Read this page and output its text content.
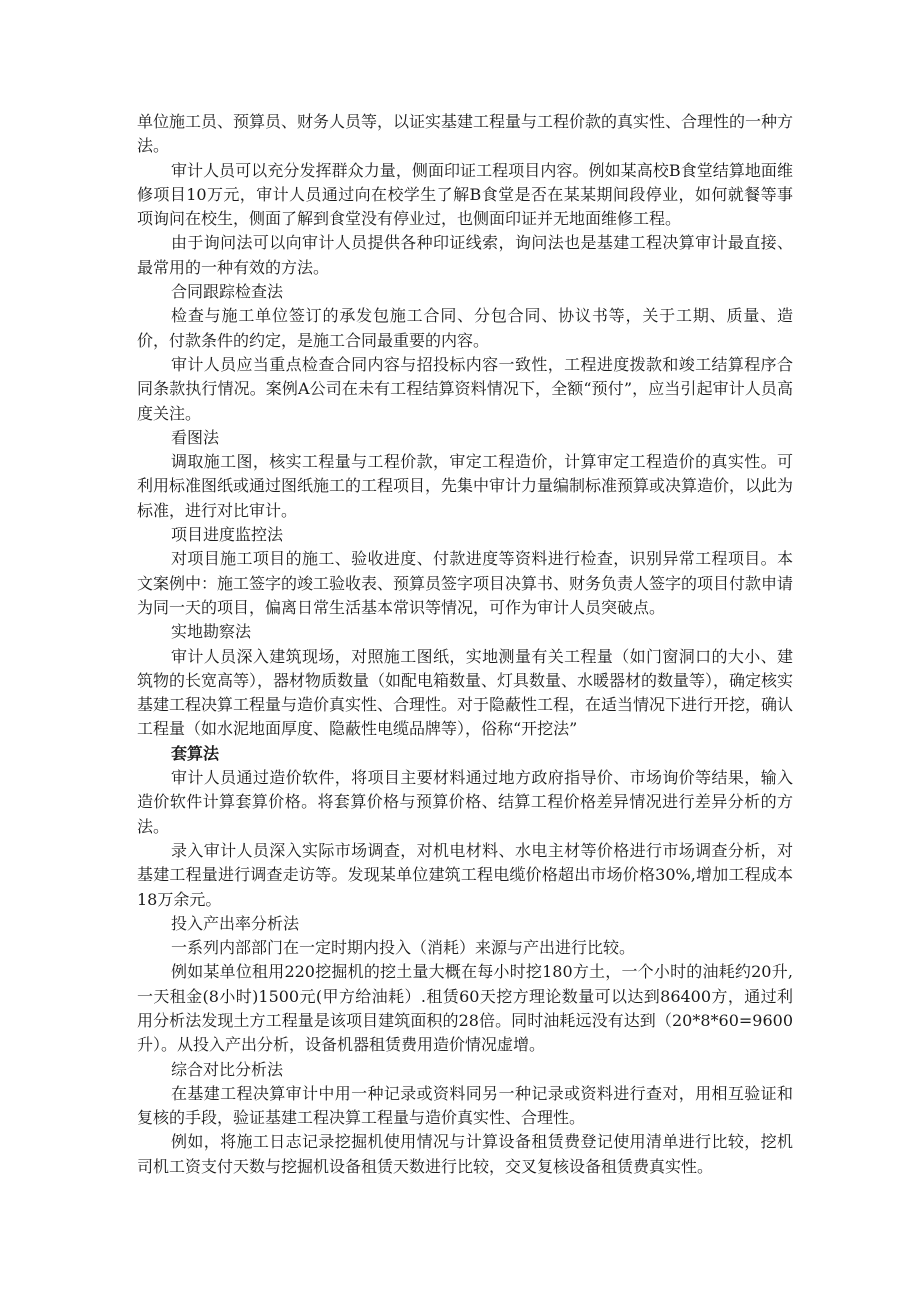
单位施工员、预算员、财务人员等，以证实基建工程量与工程价款的真实性、合理性的一种方法。

审计人员可以充分发挥群众力量，侧面印证工程项目内容。例如某高校B食堂结算地面维修项目10万元，审计人员通过向在校学生了解B食堂是否在某某期间段停业，如何就餐等事项询问在校生，侧面了解到食堂没有停业过，也侧面印证并无地面维修工程。

由于询问法可以向审计人员提供各种印证线索，询问法也是基建工程决算审计最直接、最常用的一种有效的方法。

合同跟踪检查法

检查与施工单位签订的承发包施工合同、分包合同、协议书等，关于工期、质量、造价，付款条件的约定，是施工合同最重要的内容。

审计人员应当重点检查合同内容与招投标内容一致性，工程进度拨款和竣工结算程序合同条款执行情况。案例A公司在未有工程结算资料情况下，全额“预付”，应当引起审计人员高度关注。

看图法

调取施工图，核实工程量与工程价款，审定工程造价，计算审定工程造价的真实性。可利用标准图纸或通过图纸施工的工程项目，先集中审计力量编制标准预算或决算造价，以此为标准，进行对比审计。

项目进度监控法

对项目施工项目的施工、验收进度、付款进度等资料进行检查，识别异常工程项目。本文案例中：施工签字的竣工验收表、预算员签字项目决算书、财务负责人签字的项目付款申请为同一天的项目，偏离日常生活基本常识等情况，可作为审计人员突破点。

实地勘察法

审计人员深入建筑现场，对照施工图纸，实地测量有关工程量（如门窗洞口的大小、建筑物的长宽高等），器材物质数量（如配电箱数量、灯具数量、水暖器材的数量等），确定核实基建工程决算工程量与造价真实性、合理性。对于隐蔽性工程，在适当情况下进行开挖，确认工程量（如水泥地面厚度、隐蔽性电缆品牌等），俗称“开挖法”

套算法

审计人员通过造价软件，将项目主要材料通过地方政府指导价、市场询价等结果，输入造价软件计算套算价格。将套算价格与预算价格、结算工程价格差异情况进行差异分析的方法。

录入审计人员深入实际市场调查，对机电材料、水电主材等价格进行市场调查分析，对基建工程量进行调查走访等。发现某单位建筑工程电缆价格超出市场价格30%,增加工程成本18万余元。

投入产出率分析法

一系列内部部门在一定时期内投入（消耗）来源与产出进行比较。

例如某单位租用220挖掘机的挖土量大概在每小时挖180方土，一个小时的油耗约20升,一天租金(8小时)1500元(甲方给油耗）.租赁60天挖方理论数量可以达到86400方，通过利用分析法发现土方工程量是该项目建筑面积的28倍。同时油耗远没有达到（20*8*60=9600升）。从投入产出分析，设备机器租赁费用造价情况虚增。

综合对比分析法

在基建工程决算审计中用一种记录或资料同另一种记录或资料进行查对，用相互验证和复核的手段，验证基建工程决算工程量与造价真实性、合理性。

例如，将施工日志记录挖掘机使用情况与计算设备租赁费登记使用清单进行比较，挖机司机工资支付天数与挖掘机设备租赁天数进行比较，交叉复核设备租赁费真实性。
